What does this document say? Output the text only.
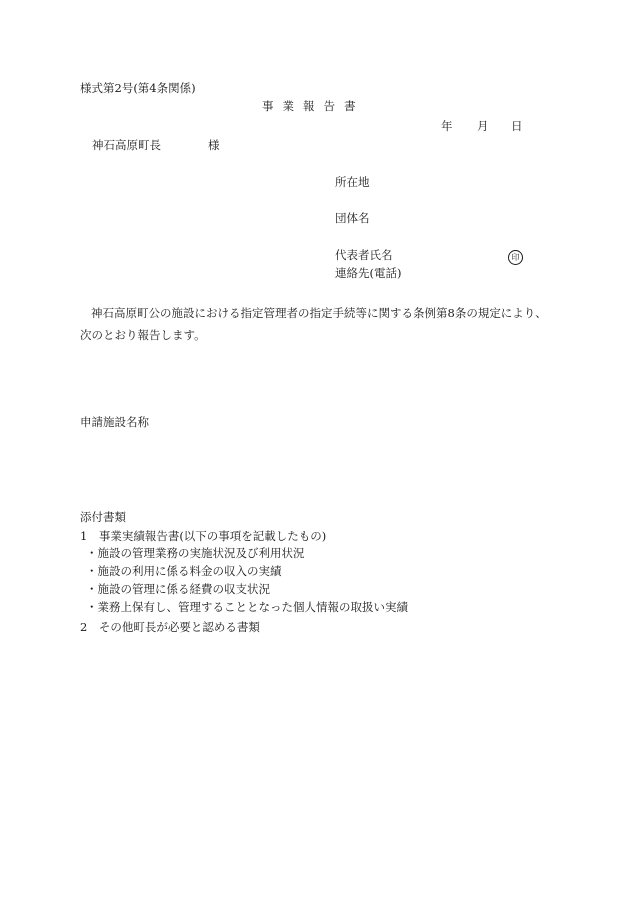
様式第2号(第4条関係)
事業報告書
年 月 日
神石高原町長	様
所在地
団体名
代表者氏名	印
連絡先(電話)
神石高原町公の施設における指定管理者の指定手続等に関する条例第8条の規定により、次のとおり報告します。
申請施設名称
添付書類
1　事業実績報告書(以下の事項を記載したもの)
・施設の管理業務の実施状況及び利用状況
・施設の利用に係る料金の収入の実績
・施設の管理に係る経費の収支状況
・業務上保有し、管理することとなった個人情報の取扱い実績
2　その他町長が必要と認める書類
